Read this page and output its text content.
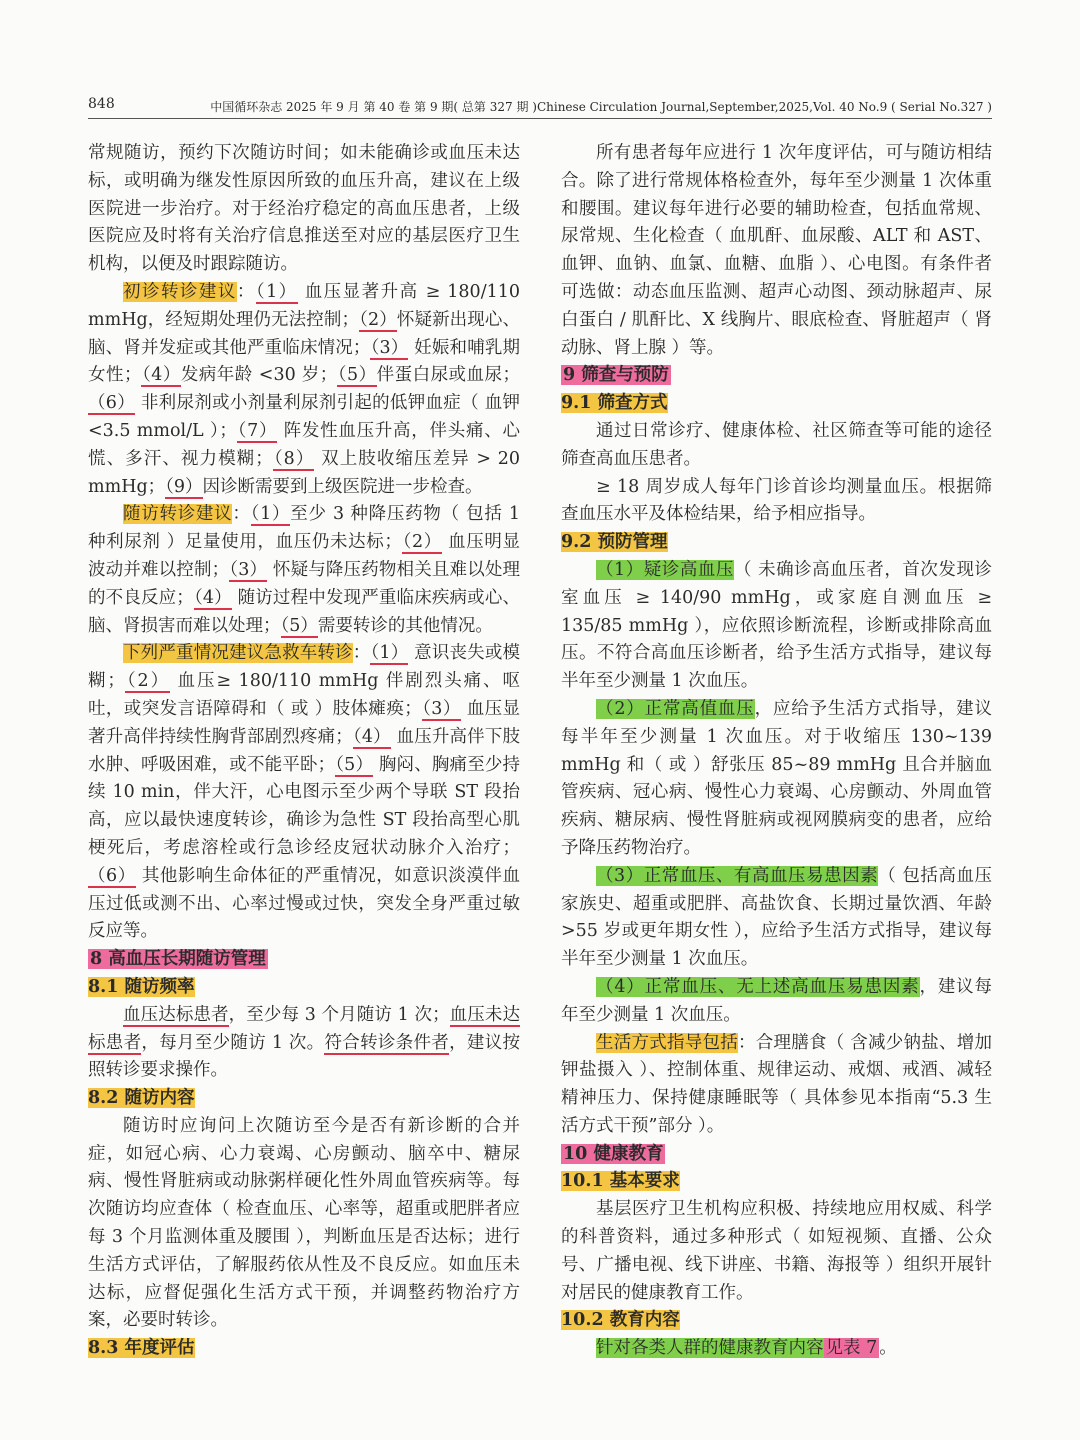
848	中国循环杂志 2025 年 9 月 第 40 卷 第 9 期( 总第 327 期 )Chinese Circulation Journal,September,2025,Vol. 40 No.9 ( Serial No.327 )

常规随访，预约下次随访时间；如未能确诊或血压未达标，或明确为继发性原因所致的血压升高，建议在上级医院进一步治疗。对于经治疗稳定的高血压患者，上级医院应及时将有关治疗信息推送至对应的基层医疗卫生机构，以便及时跟踪随访。

初诊转诊建议：（1） 血压显著升高 ≥ 180/110 mmHg，经短期处理仍无法控制；（2）怀疑新出现心、脑、肾并发症或其他严重临床情况；（3） 妊娠和哺乳期女性；（4）发病年龄 <30 岁；（5）伴蛋白尿或血尿；（6） 非利尿剂或小剂量利尿剂引起的低钾血症（ 血钾 <3.5 mmol/L ）；（7） 阵发性血压升高，伴头痛、心慌、多汗、视力模糊；（8） 双上肢收缩压差异 > 20 mmHg；（9）因诊断需要到上级医院进一步检查。

随访转诊建议：（1）至少 3 种降压药物（ 包括 1 种利尿剂 ）足量使用，血压仍未达标；（2） 血压明显波动并难以控制；（3） 怀疑与降压药物相关且难以处理的不良反应；（4） 随访过程中发现严重临床疾病或心、脑、肾损害而难以处理；（5）需要转诊的其他情况。

下列严重情况建议急救车转诊：（1） 意识丧失或模糊；（2） 血压≥ 180/110 mmHg 伴剧烈头痛、呕吐，或突发言语障碍和（ 或 ）肢体瘫痪；（3） 血压显著升高伴持续性胸背部剧烈疼痛；（4） 血压升高伴下肢水肿、呼吸困难，或不能平卧；（5） 胸闷、胸痛至少持续 10 min，伴大汗，心电图示至少两个导联 ST 段抬高，应以最快速度转诊，确诊为急性 ST 段抬高型心肌梗死后，考虑溶栓或行急诊经皮冠状动脉介入治疗；（6） 其他影响生命体征的严重情况，如意识淡漠伴血压过低或测不出、心率过慢或过快，突发全身严重过敏反应等。

8 高血压长期随访管理

8.1 随访频率

血压达标患者，至少每 3 个月随访 1 次；血压未达标患者，每月至少随访 1 次。符合转诊条件者，建议按照转诊要求操作。

8.2 随访内容

随访时应询问上次随访至今是否有新诊断的合并症，如冠心病、心力衰竭、心房颤动、脑卒中、糖尿病、慢性肾脏病或动脉粥样硬化性外周血管疾病等。每次随访均应查体（ 检查血压、心率等，超重或肥胖者应每 3 个月监测体重及腰围 ），判断血压是否达标；进行生活方式评估，了解服药依从性及不良反应。如血压未达标，应督促强化生活方式干预，并调整药物治疗方案，必要时转诊。

8.3 年度评估

所有患者每年应进行 1 次年度评估，可与随访相结合。除了进行常规体格检查外，每年至少测量 1 次体重和腰围。建议每年进行必要的辅助检查，包括血常规、尿常规、生化检查（ 血肌酐、血尿酸、ALT 和 AST、血钾、血钠、血氯、血糖、血脂 ）、心电图。有条件者可选做：动态血压监测、超声心动图、颈动脉超声、尿白蛋白 / 肌酐比、X 线胸片、眼底检查、肾脏超声（ 肾动脉、肾上腺 ）等。

9 筛查与预防

9.1 筛查方式

通过日常诊疗、健康体检、社区筛查等可能的途径筛查高血压患者。

≥ 18 周岁成人每年门诊首诊均测量血压。根据筛查血压水平及体检结果，给予相应指导。

9.2 预防管理

（1）疑诊高血压（ 未确诊高血压者，首次发现诊室血压 ≥ 140/90 mmHg，或家庭自测血压 ≥ 135/85 mmHg ），应依照诊断流程，诊断或排除高血压。不符合高血压诊断者，给予生活方式指导，建议每半年至少测量 1 次血压。

（2）正常高值血压，应给予生活方式指导，建议每半年至少测量 1 次血压。对于收缩压 130~139 mmHg 和（ 或 ）舒张压 85~89 mmHg 且合并脑血管疾病、冠心病、慢性心力衰竭、心房颤动、外周血管疾病、糖尿病、慢性肾脏病或视网膜病变的患者，应给予降压药物治疗。

（3）正常血压、有高血压易患因素（ 包括高血压家族史、超重或肥胖、高盐饮食、长期过量饮酒、年龄 >55 岁或更年期女性 ），应给予生活方式指导，建议每半年至少测量 1 次血压。

（4）正常血压、无上述高血压易患因素，建议每年至少测量 1 次血压。

生活方式指导包括：合理膳食（ 含减少钠盐、增加钾盐摄入 ）、控制体重、规律运动、戒烟、戒酒、减轻精神压力、保持健康睡眠等（ 具体参见本指南“5.3 生活方式干预”部分 ）。

10 健康教育

10.1 基本要求

基层医疗卫生机构应积极、持续地应用权威、科学的科普资料，通过多种形式（ 如短视频、直播、公众号、广播电视、线下讲座、书籍、海报等 ）组织开展针对居民的健康教育工作。

10.2 教育内容

针对各类人群的健康教育内容 见表 7 。
